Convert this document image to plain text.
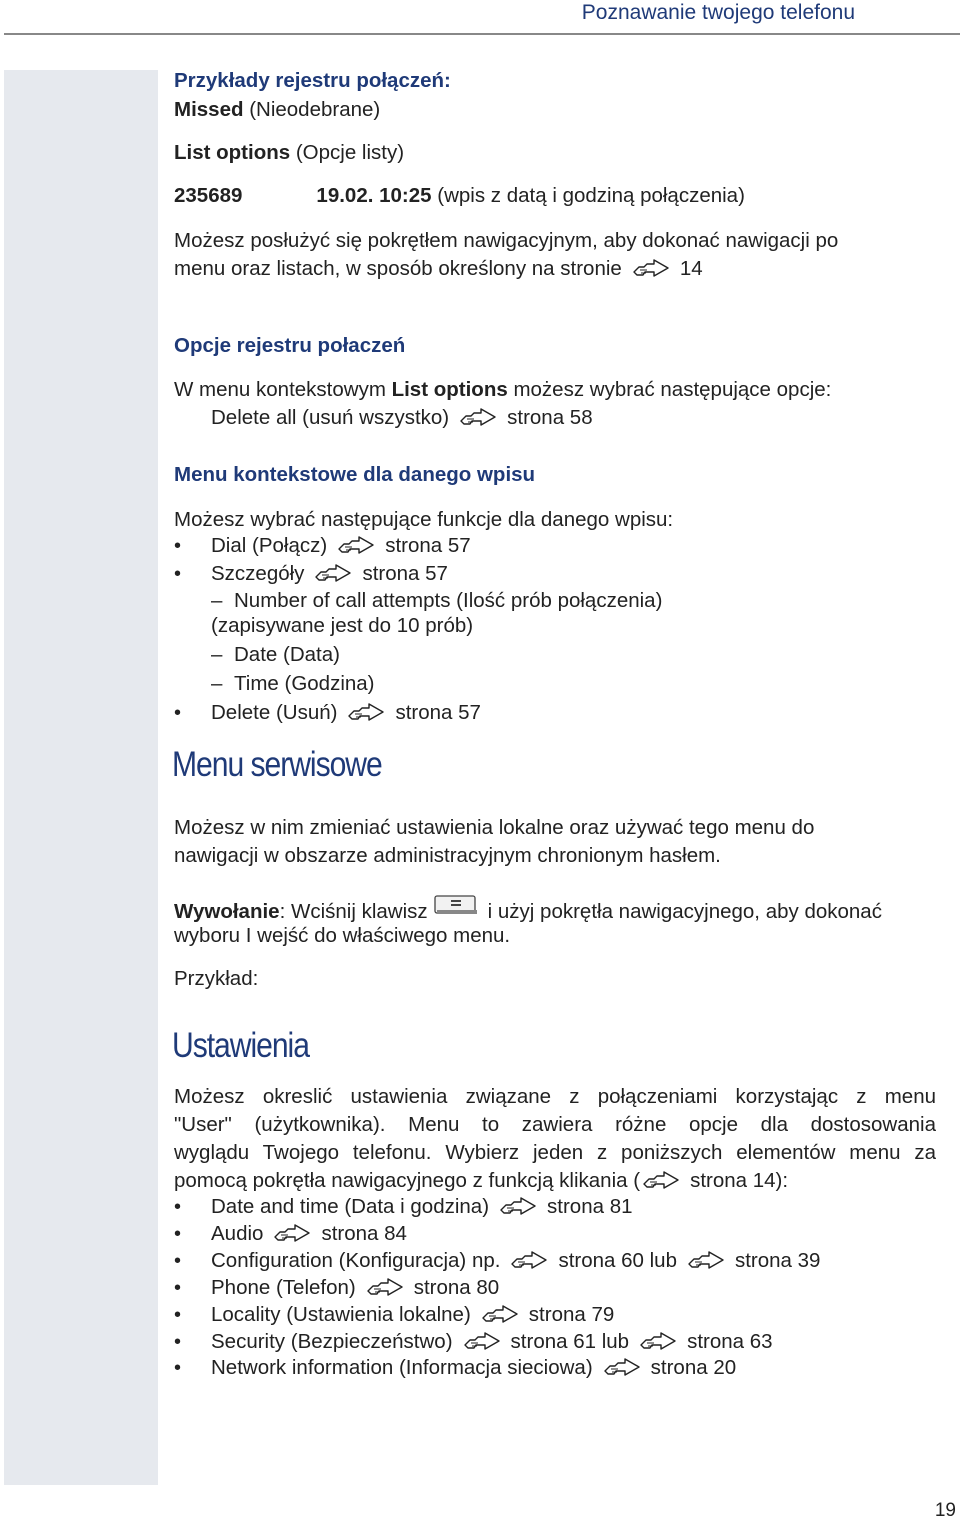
Poznawanie twojego telefonu
Przykłady rejestru połączeń:
Missed (Nieodebrane)
List options (Opcje listy)
235689	19.02. 10:25 (wpis z datą i godziną połączenia)
Możesz posłużyć się pokrętłem nawigacyjnym, aby dokonać nawigacji po
menu oraz listach, w sposób określony na stronie	14
Opcje rejestru połaczeń
W menu kontekstowym List options możesz wybrać następujące opcje:
Delete all (usuń wszystko)	strona 58
Menu kontekstowe dla danego wpisu
Możesz wybrać następujące funkcje dla danego wpisu:
• Dial (Połącz)	strona 57
• Szczegóły	strona 57
– Number of call attempts (Ilość prób połączenia)
(zapisywane jest do 10 prób)
– Date (Data)
– Time (Godzina)
• Delete (Usuń)	strona 57
Menu serwisowe
Możesz w nim zmieniać ustawienia lokalne oraz używać tego menu do
nawigacji w obszarze administracyjnym chronionym hasłem.
Wywołanie: Wciśnij klawisz	i użyj pokrętła nawigacyjnego, aby dokonać
wyboru I wejść do właściwego menu.
Przykład:
Ustawienia
Możesz okreslić ustawienia związane z połączeniami korzystając z menu
"User" (użytkownika). Menu to zawiera różne opcje dla dostosowania
wyglądu Twojego telefonu. Wybierz jeden z poniższych elementów menu za
pomocą pokrętła nawigacyjnego z funkcją klikania ( strona 14):
• Date and time (Data i godzina)	strona 81
• Audio	strona 84
• Configuration (Konfiguracja) np.	strona 60 lub	strona 39
• Phone (Telefon)	strona 80
• Locality (Ustawienia lokalne)	strona 79
• Security (Bezpieczeństwo)	strona 61 lub	strona 63
• Network information (Informacja sieciowa)	strona 20
19
